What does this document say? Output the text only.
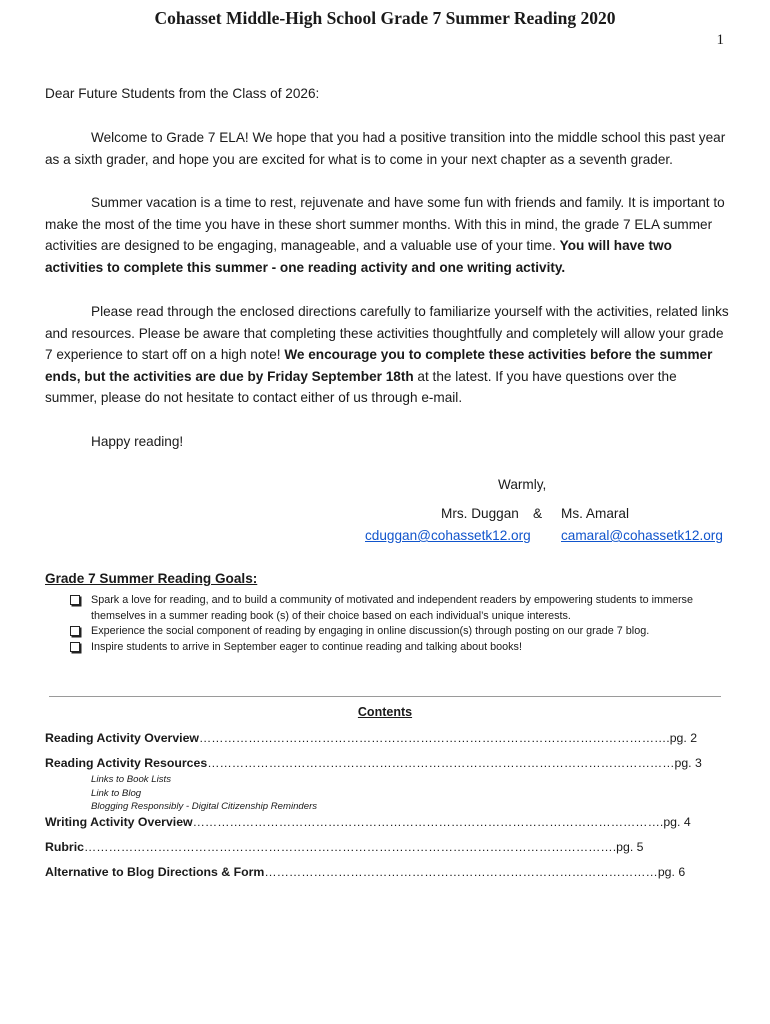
Cohasset Middle-High School Grade 7 Summer Reading 2020
1
Dear Future Students from the Class of 2026:
Welcome to Grade 7 ELA! We hope that you had a positive transition into the middle school this past year as a sixth grader, and hope you are excited for what is to come in your next chapter as a seventh grader.
Summer vacation is a time to rest, rejuvenate and have some fun with friends and family. It is important to make the most of the time you have in these short summer months. With this in mind, the grade 7 ELA summer activities are designed to be engaging, manageable, and a valuable use of your time. You will have two activities to complete this summer - one reading activity and one writing activity.
Please read through the enclosed directions carefully to familiarize yourself with the activities, related links and resources. Please be aware that completing these activities thoughtfully and completely will allow your grade 7 experience to start off on a high note! We encourage you to complete these activities before the summer ends, but the activities are due by Friday September 18th at the latest. If you have questions over the summer, please do not hesitate to contact either of us through e-mail.
Happy reading!
Warmly,
Mrs. Duggan & Ms. Amaral
cduggan@cohassetk12.org camaral@cohassetk12.org
Grade 7 Summer Reading Goals:
Spark a love for reading, and to build a community of motivated and independent readers by empowering students to immerse themselves in a summer reading book (s) of their choice based on each individual’s unique interests.
Experience the social component of reading by engaging in online discussion(s) through posting on our grade 7 blog.
Inspire students to arrive in September eager to continue reading and talking about books!
Contents
Reading Activity Overview…………………………………………………………………………………………………….pg. 2
Reading Activity Resources……………………………………………………………………………………………………pg. 3
Links to Book Lists
Link to Blog
Blogging Responsibly - Digital Citizenship Reminders
Writing Activity Overview…………………………………………………………………………………………………….pg. 4
Rubric………………………………………………………………………………………………………………….pg. 5
Alternative to Blog Directions & Form……………………………………………………………………………………pg. 6
